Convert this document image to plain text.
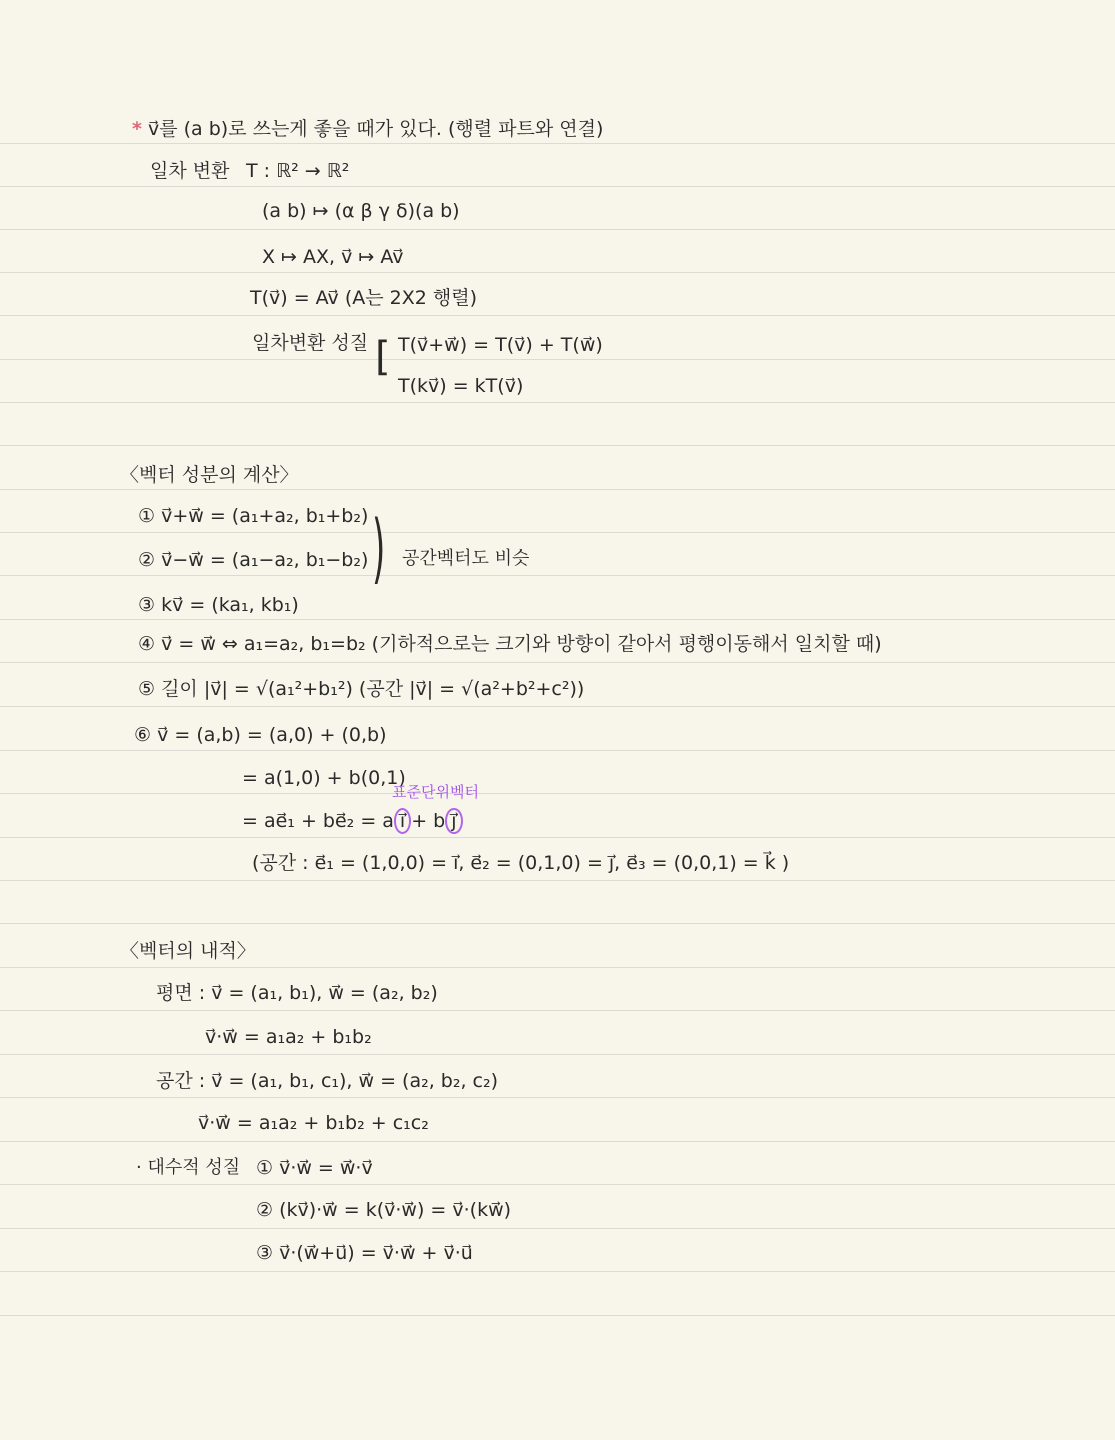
* v⃗를 (a b)로 쓰는게 좋을 때가 있다. (행렬 파트와 연결)
일차 변환 T : ℝ² → ℝ²
(a b) ↦ (α β γ δ)(a b)
X ↦ AX, v⃗ ↦ Av⃗
T(v⃗) = Av⃗ (A는 2X2 행렬)
일차변환 성질 [ T(v⃗+w⃗) = T(v⃗) + T(w⃗)
T(kv⃗) = kT(v⃗)
〈벡터 성분의 계산〉
① v⃗+w⃗ = (a₁+a₂, b₁+b₂)
② v⃗−w⃗ = (a₁−a₂, b₁−b₂) ) 공간벡터도 비슷
③ kv⃗ = (ka₁, kb₁)
④ v⃗ = w⃗ ⇔ a₁=a₂, b₁=b₂ (기하적으로는 크기와 방향이 같아서 평행이동해서 일치할 때)
⑤ 길이 |v⃗| = √(a₁²+b₁²) (공간 |v⃗| = √(a²+b²+c²))
⑥ v⃗ = (a,b) = (a,0) + (0,b)
= a(1,0) + b(0,1)
표준단위벡터
= ae⃗₁ + be⃗₂ = a i⃗ + b j⃗
(공간 : e⃗₁ = (1,0,0) = i⃗, e⃗₂ = (0,1,0) = j⃗, e⃗₃ = (0,0,1) = k⃗ )
〈벡터의 내적〉
평면 : v⃗ = (a₁, b₁), w⃗ = (a₂, b₂)
v⃗·w⃗ = a₁a₂ + b₁b₂
공간 : v⃗ = (a₁, b₁, c₁), w⃗ = (a₂, b₂, c₂)
v⃗·w⃗ = a₁a₂ + b₁b₂ + c₁c₂
· 대수적 성질 ① v⃗·w⃗ = w⃗·v⃗
② (kv⃗)·w⃗ = k(v⃗·w⃗) = v⃗·(kw⃗)
③ v⃗·(w⃗+u⃗) = v⃗·w⃗ + v⃗·u⃗
